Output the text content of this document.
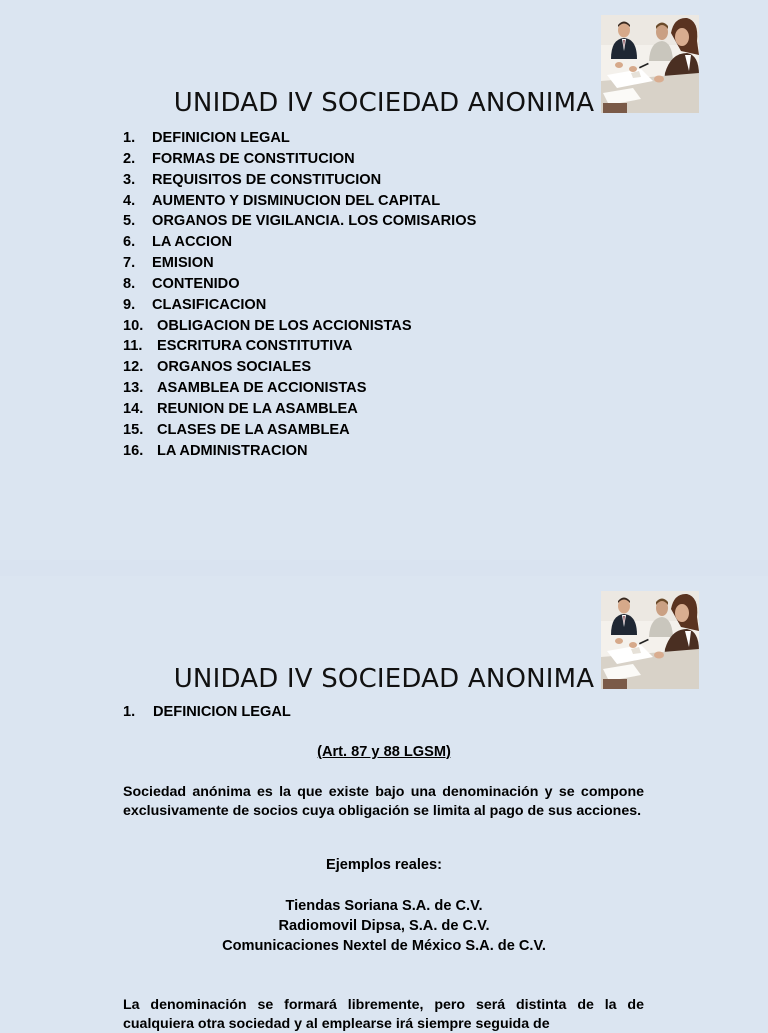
UNIDAD IV SOCIEDAD ANONIMA
1.	DEFINICION LEGAL
2.	FORMAS DE CONSTITUCION
3.	REQUISITOS DE CONSTITUCION
4.	AUMENTO Y DISMINUCION DEL CAPITAL
5.	ORGANOS DE VIGILANCIA. LOS COMISARIOS
6.	LA ACCION
7.	EMISION
8.	CONTENIDO
9.	CLASIFICACION
10. OBLIGACION DE LOS ACCIONISTAS
11. ESCRITURA CONSTITUTIVA
12. ORGANOS SOCIALES
13. ASAMBLEA DE ACCIONISTAS
14. REUNION DE LA ASAMBLEA
15. CLASES DE LA ASAMBLEA
16. LA ADMINISTRACION
UNIDAD IV SOCIEDAD ANONIMA
1. DEFINICION LEGAL
(Art. 87 y 88 LGSM)

Sociedad anónima es la que existe bajo una denominación y se compone exclusivamente de socios cuya obligación se limita al pago de sus acciones.

Ejemplos reales:
Tiendas Soriana S.A. de C.V.
Radiomovil Dipsa, S.A. de C.V.
Comunicaciones Nextel de México S.A. de C.V.

La denominación se formará libremente, pero será distinta de la de cualquiera otra sociedad y al emplearse irá siempre seguida de
